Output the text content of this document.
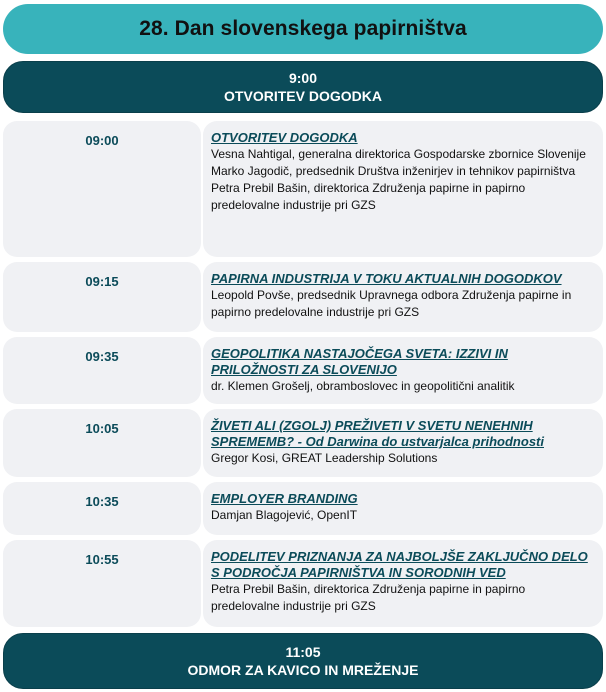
28. Dan slovenskega papirništva
9:00
OTVORITEV DOGODKA
09:00	OTVORITEV DOGODKA
Vesna Nahtigal, generalna direktorica Gospodarske zbornice Slovenije
Marko Jagodič, predsednik Društva inženirjev in tehnikov papirništva
Petra Prebil Bašin, direktorica Združenja papirne in papirno predelovalne industrije pri GZS
09:15	PAPIRNA INDUSTRIJA V TOKU AKTUALNIH DOGODKOV
Leopold Povše, predsednik Upravnega odbora Združenja papirne in papirno predelovalne industrije pri GZS
09:35	GEOPOLITIKA NASTAJOČEGA SVETA: IZZIVI IN PRILOŽNOSTI ZA SLOVENIJO
dr. Klemen Grošelj, obramboslovec in geopolitični analitik
10:05	ŽIVETI ALI (ZGOLJ) PREŽIVETI V SVETU NENEHNIH SPREMEMB? - Od Darwina do ustvarjalca prihodnosti
Gregor Kosi, GREAT Leadership Solutions
10:35	EMPLOYER BRANDING
Damjan Blagojević, OpenIT
10:55	PODELITEV PRIZNANJA ZA NAJBOLJŠE ZAKLJUČNO DELO S PODROČJA PAPIRNIŠTVA IN SORODNIH VED
Petra Prebil Bašin, direktorica Združenja papirne in papirno predelovalne industrije pri GZS
11:05
ODMOR ZA KAVICO IN MREŽENJE
